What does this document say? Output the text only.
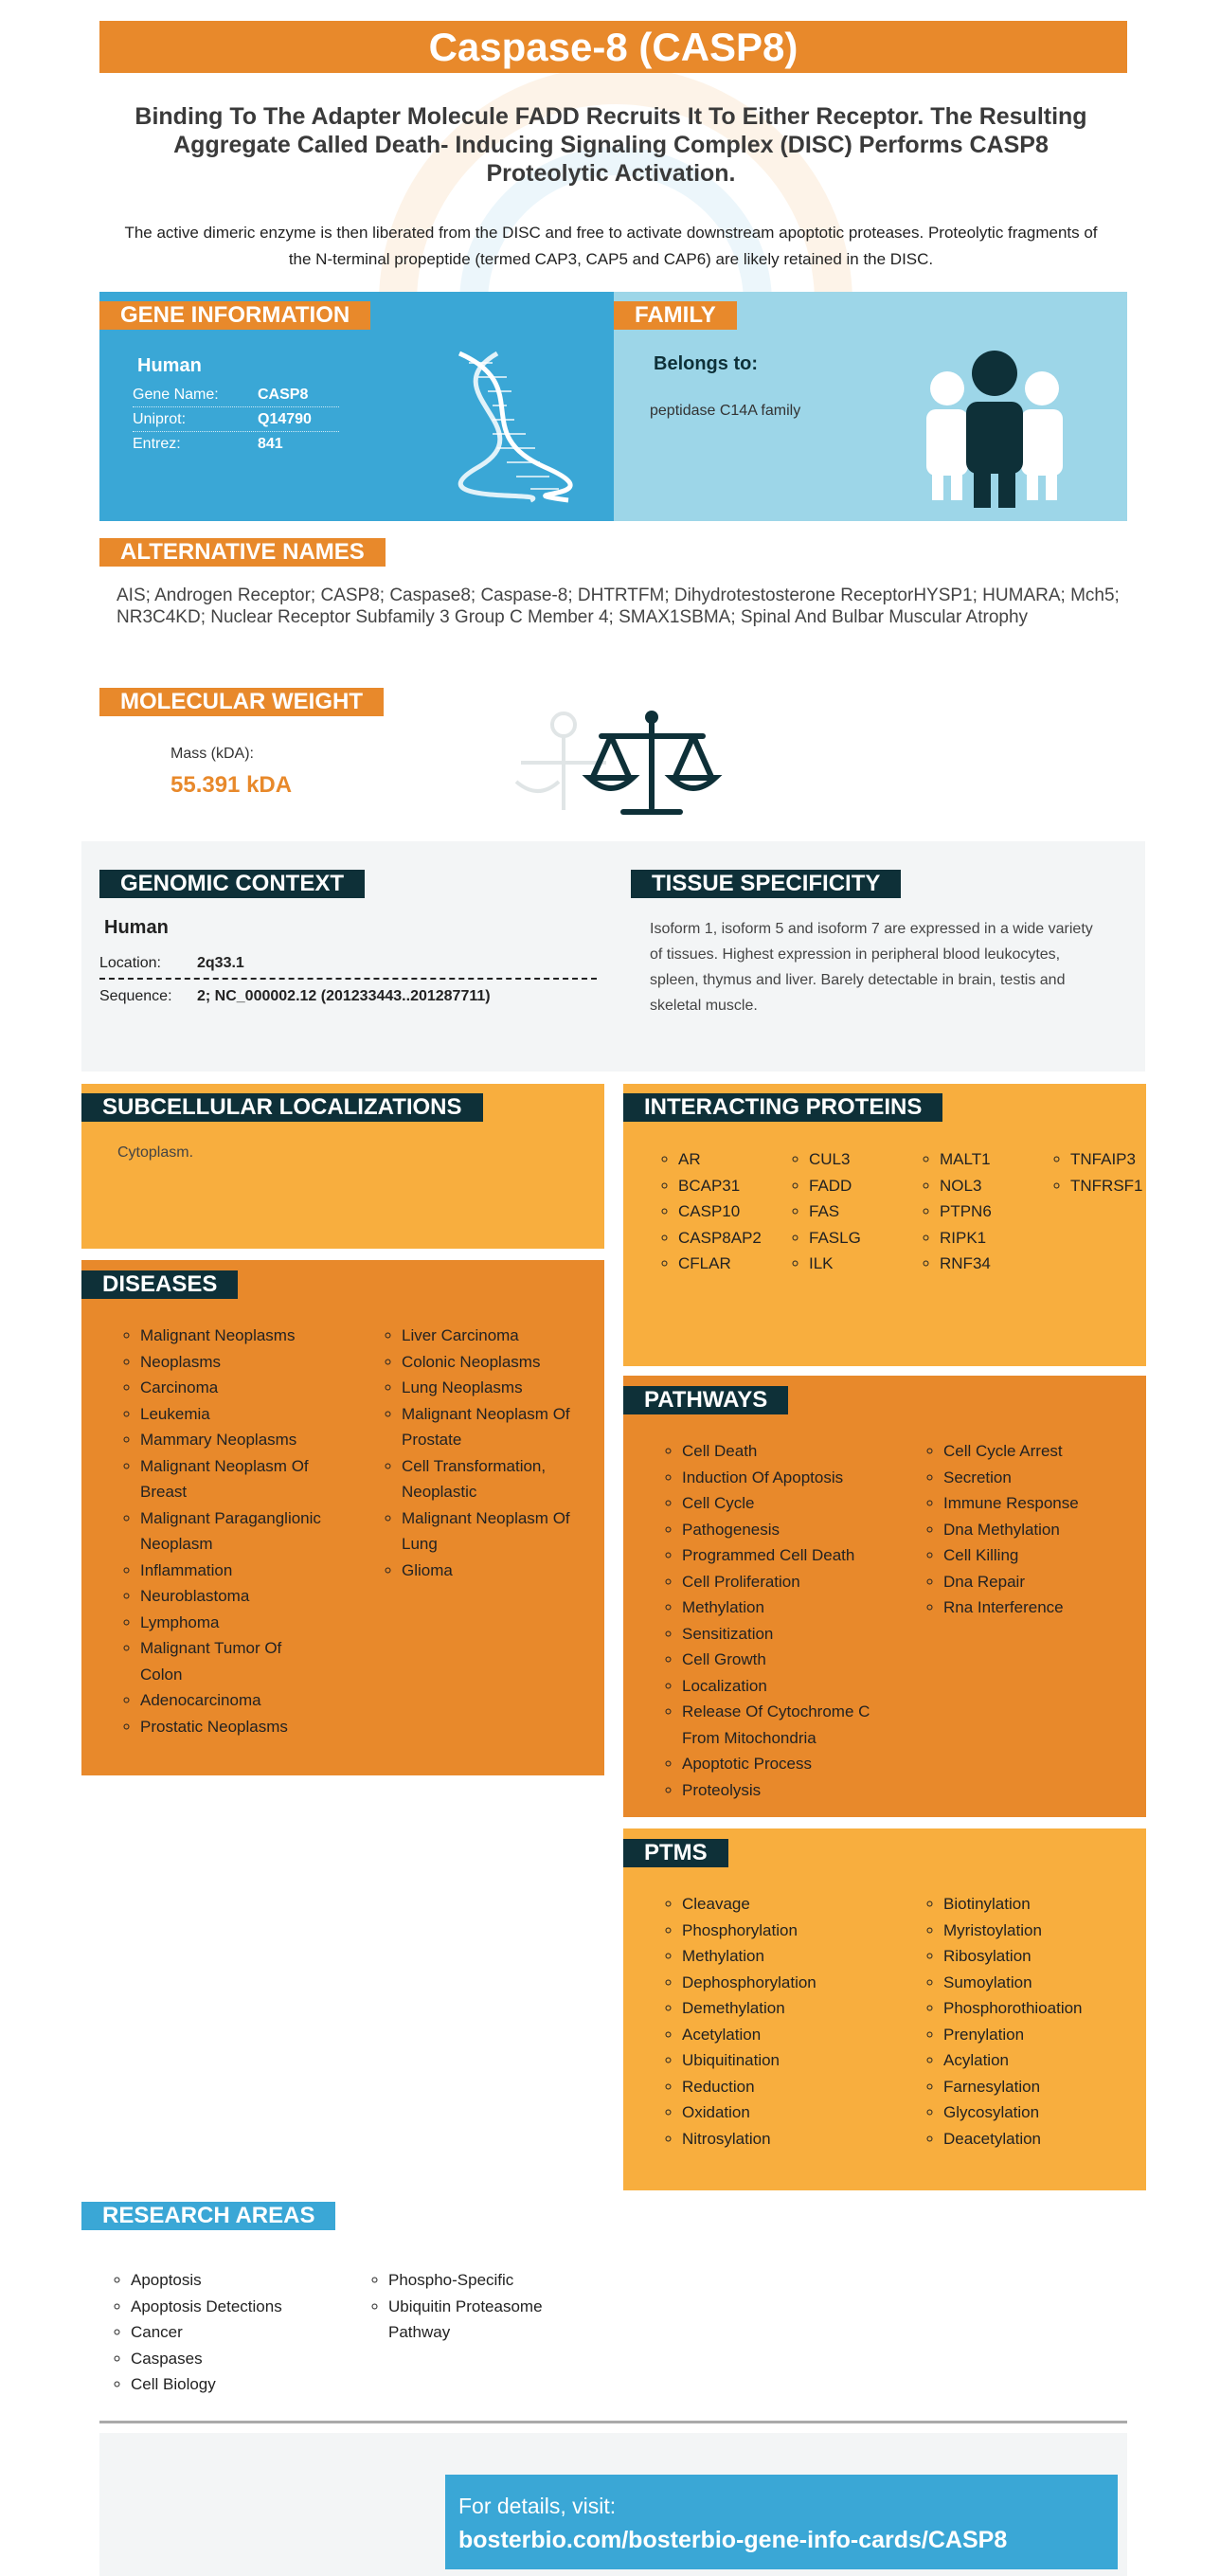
Caspase-8 (CASP8)
Binding To The Adapter Molecule FADD Recruits It To Either Receptor. The Resulting Aggregate Called Death- Inducing Signaling Complex (DISC) Performs CASP8 Proteolytic Activation.
The active dimeric enzyme is then liberated from the DISC and free to activate downstream apoptotic proteases. Proteolytic fragments of the N-terminal propeptide (termed CAP3, CAP5 and CAP6) are likely retained in the DISC.
GENE INFORMATION
Human
Gene Name:	CASP8
Uniprot:	Q14790
Entrez:	841
FAMILY
Belongs to:
peptidase C14A family
ALTERNATIVE NAMES
AIS; Androgen Receptor; CASP8; Caspase8; Caspase-8; DHTRTFM; Dihydrotestosterone ReceptorHYSP1; HUMARA; Mch5; NR3C4KD; Nuclear Receptor Subfamily 3 Group C Member 4; SMAX1SBMA; Spinal And Bulbar Muscular Atrophy
MOLECULAR WEIGHT
Mass (kDA):
55.391 kDA
GENOMIC CONTEXT
Human
Location:	2q33.1
Sequence:	2; NC_000002.12 (201233443..201287711)
TISSUE SPECIFICITY
Isoform 1, isoform 5 and isoform 7 are expressed in a wide variety of tissues. Highest expression in peripheral blood leukocytes, spleen, thymus and liver. Barely detectable in brain, testis and skeletal muscle.
SUBCELLULAR LOCALIZATIONS
Cytoplasm.
DISEASES
◦ Malignant Neoplasms
◦ Neoplasms
◦ Carcinoma
◦ Leukemia
◦ Mammary Neoplasms
◦ Malignant Neoplasm Of Breast
◦ Malignant Paraganglionic Neoplasm
◦ Inflammation
◦ Neuroblastoma
◦ Lymphoma
◦ Malignant Tumor Of Colon
◦ Adenocarcinoma
◦ Prostatic Neoplasms
◦ Liver Carcinoma
◦ Colonic Neoplasms
◦ Lung Neoplasms
◦ Malignant Neoplasm Of Prostate
◦ Cell Transformation, Neoplastic
◦ Malignant Neoplasm Of Lung
◦ Glioma
◦ AR
◦ BCAP31
◦ CASP10
◦ CASP8AP2
◦ CFLAR
◦ CUL3
◦ FADD
◦ FAS
◦ FASLG
◦ ILK
◦ MALT1
◦ NOL3
◦ PTPN6
◦ RIPK1
◦ RNF34
◦ TNFAIP3
◦ TNFRSF1
INTERACTING PROTEINS
PATHWAYS
◦ Cell Death
◦ Induction Of Apoptosis
◦ Cell Cycle
◦ Pathogenesis
◦ Programmed Cell Death
◦ Cell Proliferation
◦ Methylation
◦ Sensitization
◦ Cell Growth
◦ Localization
◦ Release Of Cytochrome C From Mitochondria
◦ Apoptotic Process
◦ Proteolysis
◦ Cell Cycle Arrest
◦ Secretion
◦ Immune Response
◦ Dna Methylation
◦ Cell Killing
◦ Dna Repair
◦ Rna Interference
PTMS
◦ Cleavage
◦ Phosphorylation
◦ Methylation
◦ Dephosphorylation
◦ Demethylation
◦ Acetylation
◦ Ubiquitination
◦ Reduction
◦ Oxidation
◦ Nitrosylation
◦ Biotinylation
◦ Myristoylation
◦ Ribosylation
◦ Sumoylation
◦ Phosphorothioation
◦ Prenylation
◦ Acylation
◦ Farnesylation
◦ Glycosylation
◦ Deacetylation
RESEARCH AREAS
◦ Apoptosis
◦ Apoptosis Detections
◦ Cancer
◦ Caspases
◦ Cell Biology
◦ Phospho-Specific
◦ Ubiquitin Proteasome Pathway
For details, visit:
bosterbio.com/bosterbio-gene-info-cards/CASP8
